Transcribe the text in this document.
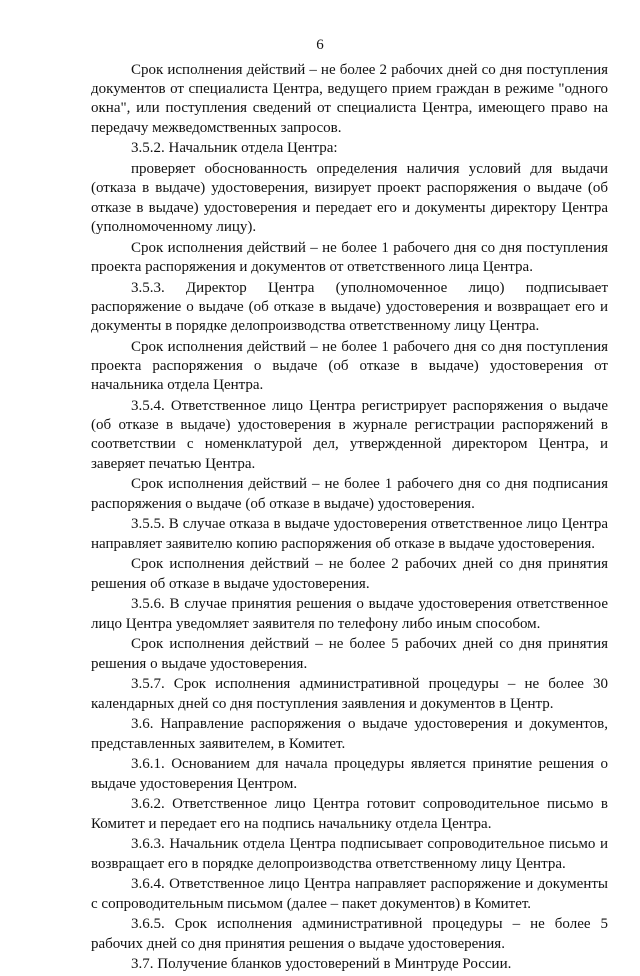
6

Срок исполнения действий – не более 2 рабочих дней со дня поступления документов от специалиста Центра, ведущего прием граждан в режиме "одного окна", или поступления сведений от специалиста Центра, имеющего право на передачу межведомственных запросов.

3.5.2. Начальник отдела Центра:

проверяет обоснованность определения наличия условий для выдачи (отказа в выдаче) удостоверения, визирует проект распоряжения о выдаче (об отказе в выдаче) удостоверения и передает его и документы директору Центра (уполномоченному лицу).

Срок исполнения действий – не более 1 рабочего дня со дня поступления проекта распоряжения и документов от ответственного лица Центра.

3.5.3. Директор Центра (уполномоченное лицо) подписывает распоряжение о выдаче (об отказе в выдаче) удостоверения и возвращает его и документы в порядке делопроизводства ответственному лицу Центра.

Срок исполнения действий – не более 1 рабочего дня со дня поступления проекта распоряжения о выдаче (об отказе в выдаче) удостоверения от начальника отдела Центра.

3.5.4. Ответственное лицо Центра регистрирует распоряжения о выдаче (об отказе в выдаче) удостоверения в журнале регистрации распоряжений в соответствии с номенклатурой дел, утвержденной директором Центра, и заверяет печатью Центра.

Срок исполнения действий – не более 1 рабочего дня со дня подписания распоряжения о выдаче (об отказе в выдаче) удостоверения.

3.5.5. В случае отказа в выдаче удостоверения ответственное лицо Центра направляет заявителю копию распоряжения об отказе в выдаче удостоверения.

Срок исполнения действий – не более 2 рабочих дней со дня принятия решения об отказе в выдаче удостоверения.

3.5.6. В случае принятия решения о выдаче удостоверения ответственное лицо Центра уведомляет заявителя по телефону либо иным способом.

Срок исполнения действий – не более 5 рабочих дней со дня принятия решения о выдаче удостоверения.

3.5.7. Срок исполнения административной процедуры – не более 30 календарных дней со дня поступления заявления и документов в Центр.

3.6. Направление распоряжения о выдаче удостоверения и документов, представленных заявителем, в Комитет.

3.6.1. Основанием для начала процедуры является принятие решения о выдаче удостоверения Центром.

3.6.2. Ответственное лицо Центра готовит сопроводительное письмо в Комитет и передает его на подпись начальнику отдела Центра.

3.6.3. Начальник отдела Центра подписывает сопроводительное письмо и возвращает его в порядке делопроизводства ответственному лицу Центра.

3.6.4. Ответственное лицо Центра направляет распоряжение и документы с сопроводительным письмом (далее – пакет документов) в Комитет.

3.6.5. Срок исполнения административной процедуры – не более 5 рабочих дней со дня принятия решения о выдаче удостоверения.

3.7. Получение бланков удостоверений в Минтруде России.
